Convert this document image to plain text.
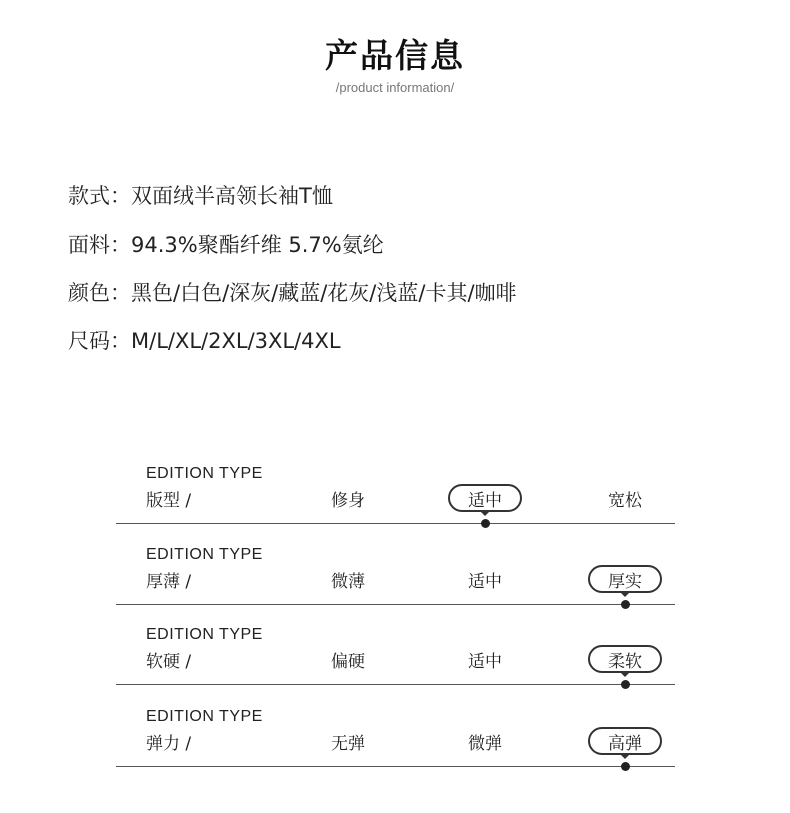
产品信息
/product information/
款式：双面绒半高领长袖T恤
面料：94.3%聚酯纤维 5.7%氨纶
颜色：黑色/白色/深灰/藏蓝/花灰/浅蓝/卡其/咖啡
尺码：M/L/XL/2XL/3XL/4XL
EDITION TYPE
版型 /	修身	适中	宽松
EDITION TYPE
厚薄 /	微薄	适中	厚实
EDITION TYPE
软硬 /	偏硬	适中	柔软
EDITION TYPE
弹力 /	无弹	微弹	高弹
